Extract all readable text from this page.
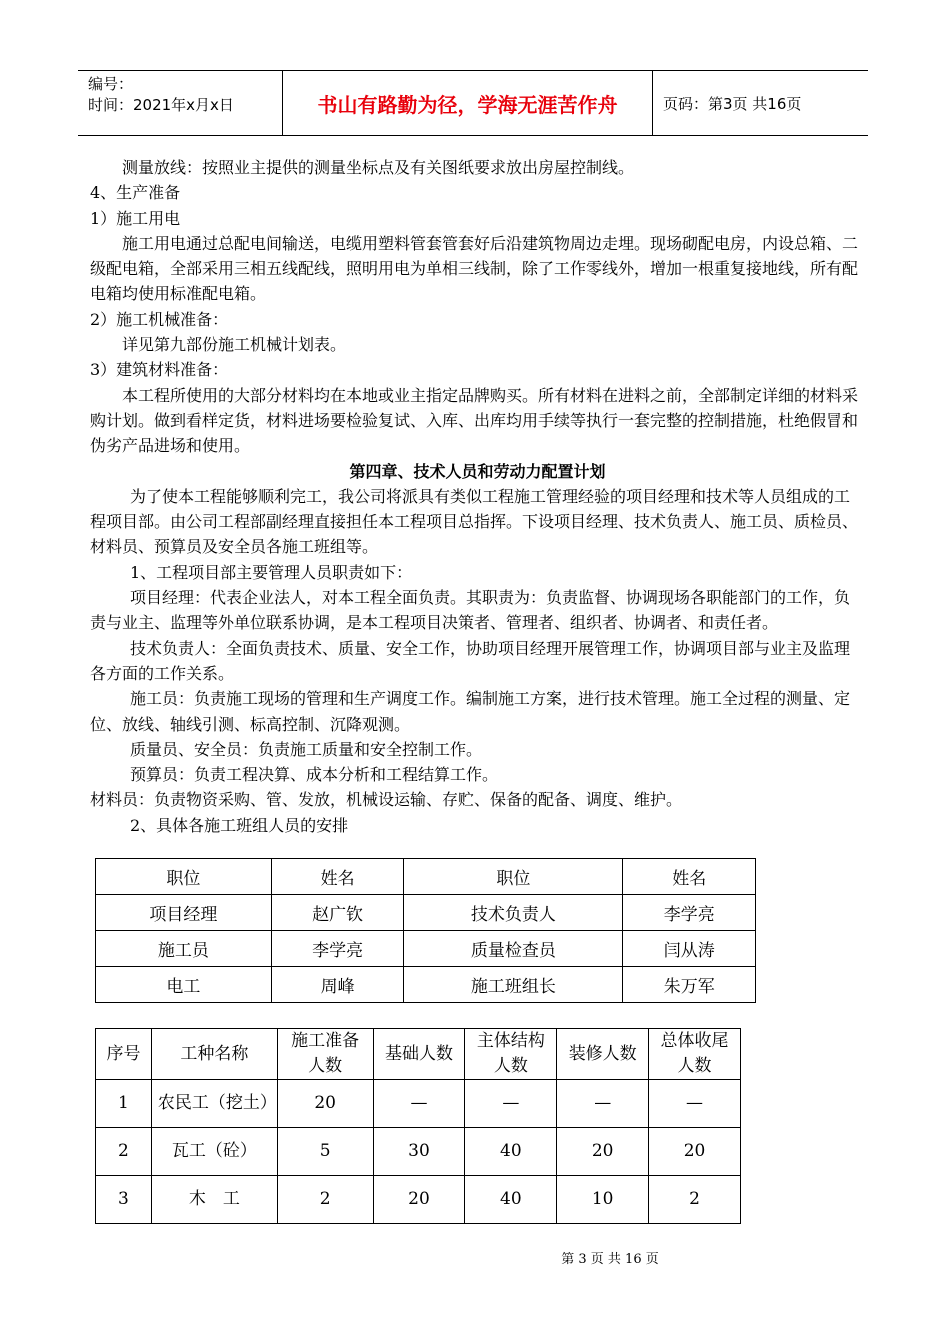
编号：
时间：2021年x月x日	书山有路勤为径，学海无涯苦作舟	页码：第3页 共16页

测量放线：按照业主提供的测量坐标点及有关图纸要求放出房屋控制线。

4、生产准备

1）施工用电

施工用电通过总配电间输送，电缆用塑料管套管套好后沿建筑物周边走埋。现场砌配电房，内设总箱、二级配电箱，全部采用三相五线配线，照明用电为单相三线制，除了工作零线外，增加一根重复接地线，所有配电箱均使用标准配电箱。

2）施工机械准备：

详见第九部份施工机械计划表。

3）建筑材料准备：

本工程所使用的大部分材料均在本地或业主指定品牌购买。所有材料在进料之前，全部制定详细的材料采购计划。做到看样定货，材料进场要检验复试、入库、出库均用手续等执行一套完整的控制措施，杜绝假冒和伪劣产品进场和使用。

第四章、技术人员和劳动力配置计划

为了使本工程能够顺利完工，我公司将派具有类似工程施工管理经验的项目经理和技术等人员组成的工程项目部。由公司工程部副经理直接担任本工程项目总指挥。下设项目经理、技术负责人、施工员、质检员、材料员、预算员及安全员各施工班组等。

1、工程项目部主要管理人员职责如下：

项目经理：代表企业法人，对本工程全面负责。其职责为：负责监督、协调现场各职能部门的工作，负责与业主、监理等外单位联系协调，是本工程项目决策者、管理者、组织者、协调者、和责任者。

技术负责人：全面负责技术、质量、安全工作，协助项目经理开展管理工作，协调项目部与业主及监理各方面的工作关系。

施工员：负责施工现场的管理和生产调度工作。编制施工方案，进行技术管理。施工全过程的测量、定位、放线、轴线引测、标高控制、沉降观测。

质量员、安全员：负责施工质量和安全控制工作。

预算员：负责工程决算、成本分析和工程结算工作。

材料员：负责物资采购、管、发放，机械设运输、存贮、保备的配备、调度、维护。

2、具体各施工班组人员的安排

职位	姓名	职位	姓名
项目经理	赵广钦	技术负责人	李学亮
施工员	李学亮	质量检查员	闫从涛
电工	周峰	施工班组长	朱万军
序号	工种名称	施工准备人数	基础人数	主体结构人数	装修人数	总体收尾人数
1	农民工（挖土）	20	—	—	—	—
2	瓦工（砼）	5	30	40	20	20
3	木　工	2	20	40	10	2
第 3 页 共 16 页
